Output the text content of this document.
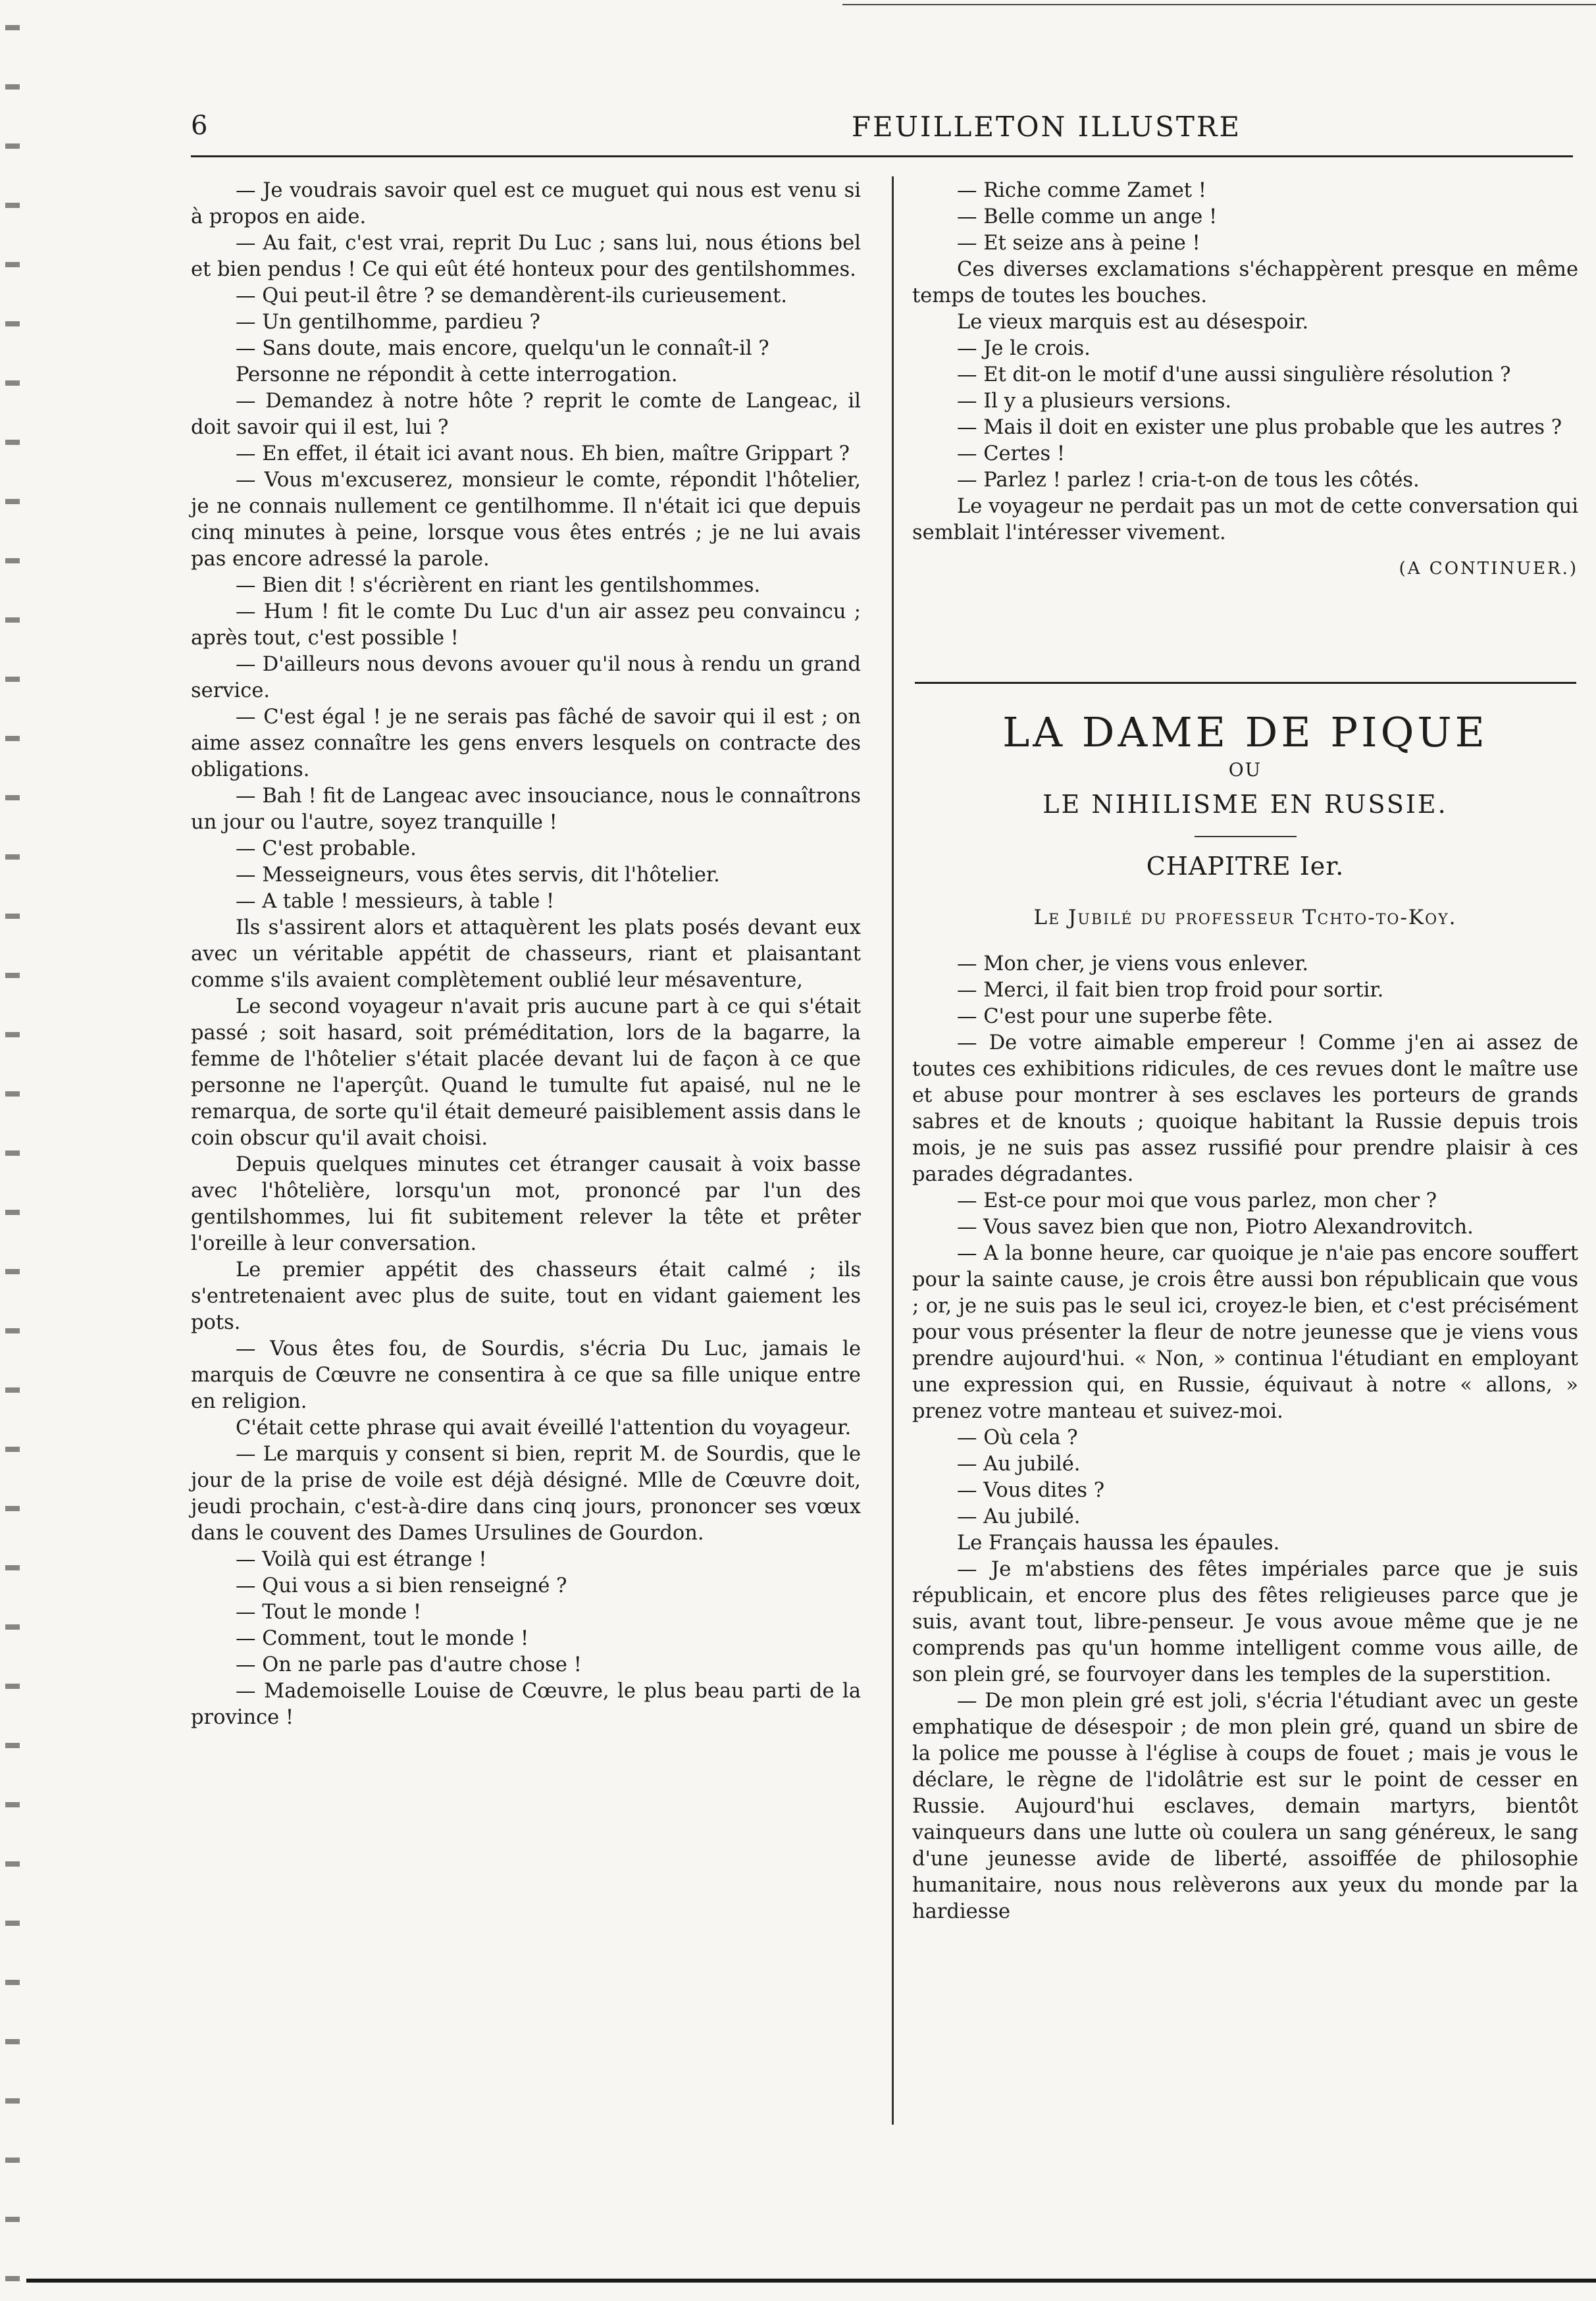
6	FEUILLETON ILLUSTRE

— Je voudrais savoir quel est ce muguet qui nous est venu si à propos en aide.

— Au fait, c'est vrai, reprit Du Luc ; sans lui, nous étions bel et bien pendus ! Ce qui eût été honteux pour des gentilshommes.

— Qui peut-il être ? se demandèrent-ils curieusement.

— Un gentilhomme, pardieu ?

— Sans doute, mais encore, quelqu'un le connaît-il ?

Personne ne répondit à cette interrogation.

— Demandez à notre hôte ? reprit le comte de Langeac, il doit savoir qui il est, lui ?

— En effet, il était ici avant nous. Eh bien, maître Grippart ?

— Vous m'excuserez, monsieur le comte, répondit l'hôtelier, je ne connais nullement ce gentilhomme. Il n'était ici que depuis cinq minutes à peine, lorsque vous êtes entrés ; je ne lui avais pas encore adressé la parole.

— Bien dit ! s'écrièrent en riant les gentilshommes.

— Hum ! fit le comte Du Luc d'un air assez peu convaincu ; après tout, c'est possible !

— D'ailleurs nous devons avouer qu'il nous à rendu un grand service.

— C'est égal ! je ne serais pas fâché de savoir qui il est ; on aime assez connaître les gens envers lesquels on contracte des obligations.

— Bah ! fit de Langeac avec insouciance, nous le connaîtrons un jour ou l'autre, soyez tranquille !

— C'est probable.

— Messeigneurs, vous êtes servis, dit l'hôtelier.

— A table ! messieurs, à table !

Ils s'assirent alors et attaquèrent les plats posés devant eux avec un véritable appétit de chasseurs, riant et plaisantant comme s'ils avaient complètement oublié leur mésaventure,

Le second voyageur n'avait pris aucune part à ce qui s'était passé ; soit hasard, soit préméditation, lors de la bagarre, la femme de l'hôtelier s'était placée devant lui de façon à ce que personne ne l'aperçût. Quand le tumulte fut apaisé, nul ne le remarqua, de sorte qu'il était demeuré paisiblement assis dans le coin obscur qu'il avait choisi.

Depuis quelques minutes cet étranger causait à voix basse avec l'hôtelière, lorsqu'un mot, prononcé par l'un des gentilshommes, lui fit subitement relever la tête et prêter l'oreille à leur conversation.

Le premier appétit des chasseurs était calmé ; ils s'entretenaient avec plus de suite, tout en vidant gaiement les pots.

— Vous êtes fou, de Sourdis, s'écria Du Luc, jamais le marquis de Cœuvre ne consentira à ce que sa fille unique entre en religion.

C'était cette phrase qui avait éveillé l'attention du voyageur.

— Le marquis y consent si bien, reprit M. de Sourdis, que le jour de la prise de voile est déjà désigné. Mlle de Cœuvre doit, jeudi prochain, c'est-à-dire dans cinq jours, prononcer ses vœux dans le couvent des Dames Ursulines de Gourdon.

— Voilà qui est étrange !

— Qui vous a si bien renseigné ?

— Tout le monde !

— Comment, tout le monde !

— On ne parle pas d'autre chose !

— Mademoiselle Louise de Cœuvre, le plus beau parti de la province !

— Riche comme Zamet !

— Belle comme un ange !

— Et seize ans à peine !

Ces diverses exclamations s'échappèrent presque en même temps de toutes les bouches.

Le vieux marquis est au désespoir.

— Je le crois.

— Et dit-on le motif d'une aussi singulière résolution ?

— Il y a plusieurs versions.

— Mais il doit en exister une plus probable que les autres ?

— Certes !

— Parlez ! parlez ! cria-t-on de tous les côtés.

Le voyageur ne perdait pas un mot de cette conversation qui semblait l'intéresser vivement.

(A CONTINUER.)
LA DAME DE PIQUE
OU
LE NIHILISME EN RUSSIE.
CHAPITRE Ier.
Le Jubilé du professeur Tchto-to-Koy.

— Mon cher, je viens vous enlever.

— Merci, il fait bien trop froid pour sortir.

— C'est pour une superbe fête.

— De votre aimable empereur ! Comme j'en ai assez de toutes ces exhibitions ridicules, de ces revues dont le maître use et abuse pour montrer à ses esclaves les porteurs de grands sabres et de knouts ; quoique habitant la Russie depuis trois mois, je ne suis pas assez russifié pour prendre plaisir à ces parades dégradantes.

— Est-ce pour moi que vous parlez, mon cher ?

— Vous savez bien que non, Piotro Alexandrovitch.

— A la bonne heure, car quoique je n'aie pas encore souffert pour la sainte cause, je crois être aussi bon républicain que vous ; or, je ne suis pas le seul ici, croyez-le bien, et c'est précisément pour vous présenter la fleur de notre jeunesse que je viens vous prendre aujourd'hui. « Non, » continua l'étudiant en employant une expression qui, en Russie, équivaut à notre « allons, » prenez votre manteau et suivez-moi.

— Où cela ?

— Au jubilé.

— Vous dites ?

— Au jubilé.

Le Français haussa les épaules.

— Je m'abstiens des fêtes impériales parce que je suis républicain, et encore plus des fêtes religieuses parce que je suis, avant tout, libre-penseur. Je vous avoue même que je ne comprends pas qu'un homme intelligent comme vous aille, de son plein gré, se fourvoyer dans les temples de la superstition.

— De mon plein gré est joli, s'écria l'étudiant avec un geste emphatique de désespoir ; de mon plein gré, quand un sbire de la police me pousse à l'église à coups de fouet ; mais je vous le déclare, le règne de l'idolâtrie est sur le point de cesser en Russie. Aujourd'hui esclaves, demain martyrs, bientôt vainqueurs dans une lutte où coulera un sang généreux, le sang d'une jeunesse avide de liberté, assoiffée de philosophie humanitaire, nous nous relèverons aux yeux du monde par la hardiesse
